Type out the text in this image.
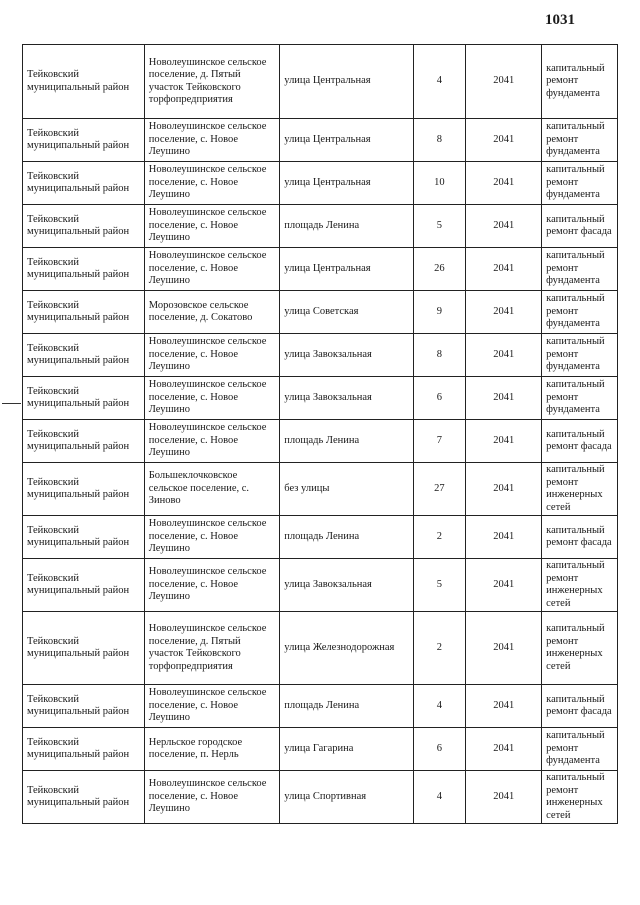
1031
Тейковский муниципальный район	Новолеушинское сельское поселение, д. Пятый участок Тейковского торфопредприятия	улица Центральная	4	2041	капитальный ремонт фундамента
Тейковский муниципальный район	Новолеушинское сельское поселение, с. Новое Леушино	улица Центральная	8	2041	капитальный ремонт фундамента
Тейковский муниципальный район	Новолеушинское сельское поселение, с. Новое Леушино	улица Центральная	10	2041	капитальный ремонт фундамента
Тейковский муниципальный район	Новолеушинское сельское поселение, с. Новое Леушино	площадь Ленина	5	2041	капитальный ремонт фасада
Тейковский муниципальный район	Новолеушинское сельское поселение, с. Новое Леушино	улица Центральная	26	2041	капитальный ремонт фундамента
Тейковский муниципальный район	Морозовское сельское поселение, д. Сокатово	улица Советская	9	2041	капитальный ремонт фундамента
Тейковский муниципальный район	Новолеушинское сельское поселение, с. Новое Леушино	улица Завокзальная	8	2041	капитальный ремонт фундамента
Тейковский муниципальный район	Новолеушинское сельское поселение, с. Новое Леушино	улица Завокзальная	6	2041	капитальный ремонт фундамента
Тейковский муниципальный район	Новолеушинское сельское поселение, с. Новое Леушино	площадь Ленина	7	2041	капитальный ремонт фасада
Тейковский муниципальный район	Большеклочковское сельское поселение, с. Зиново	без улицы	27	2041	капитальный ремонт инженерных сетей
Тейковский муниципальный район	Новолеушинское сельское поселение, с. Новое Леушино	площадь Ленина	2	2041	капитальный ремонт фасада
Тейковский муниципальный район	Новолеушинское сельское поселение, с. Новое Леушино	улица Завокзальная	5	2041	капитальный ремонт инженерных сетей
Тейковский муниципальный район	Новолеушинское сельское поселение, д. Пятый участок Тейковского торфопредприятия	улица Железнодорожная	2	2041	капитальный ремонт инженерных сетей
Тейковский муниципальный район	Новолеушинское сельское поселение, с. Новое Леушино	площадь Ленина	4	2041	капитальный ремонт фасада
Тейковский муниципальный район	Нерльское городское поселение, п. Нерль	улица Гагарина	6	2041	капитальный ремонт фундамента
Тейковский муниципальный район	Новолеушинское сельское поселение, с. Новое Леушино	улица Спортивная	4	2041	капитальный ремонт инженерных сетей
